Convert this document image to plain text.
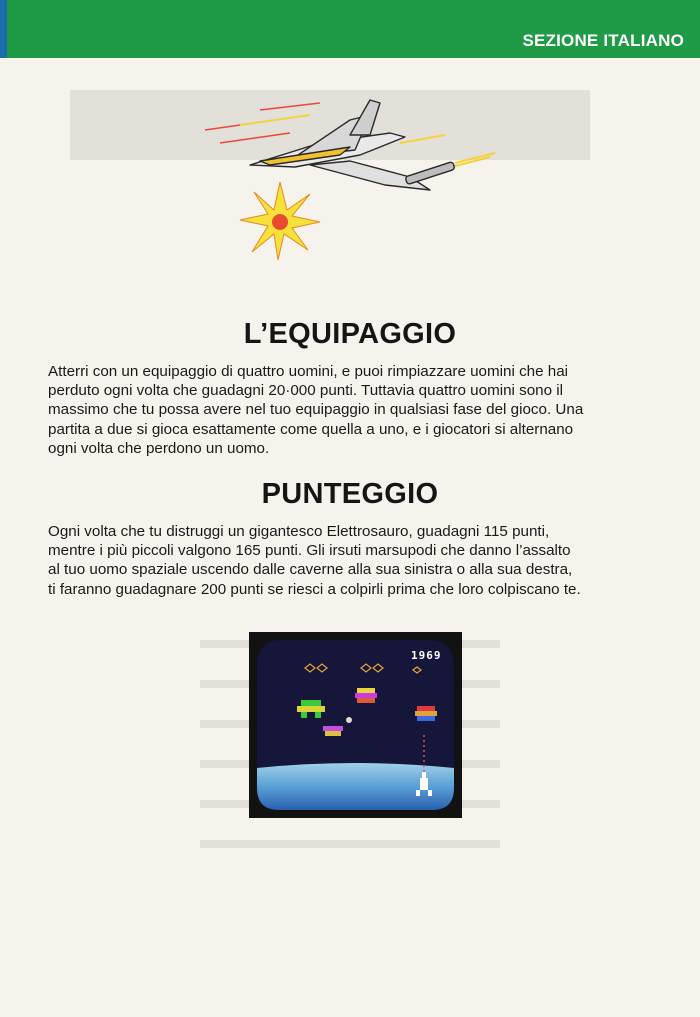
SEZIONE ITALIANO
L’EQUIPAGGIO
Atterri con un equipaggio di quattro uomini, e puoi rimpiazzare uomini che hai
perduto ogni volta che guadagni 20·000 punti. Tuttavia quattro uomini sono il
massimo che tu possa avere nel tuo equipaggio in qualsiasi fase del gioco. Una
partita a due si gioca esattamente come quella a uno, e i giocatori si alternano
ogni volta che perdono un uomo.
PUNTEGGIO
Ogni volta che tu distruggi un gigantesco Elettrosauro, guadagni 115 punti,
mentre i più piccoli valgono 165 punti. Gli irsuti marsupodi che danno l’assalto
al tuo uomo spaziale uscendo dalle caverne alla sua sinistra o alla sua destra,
ti faranno guadagnare 200 punti se riesci a colpirli prima che loro colpiscano te.
1969
